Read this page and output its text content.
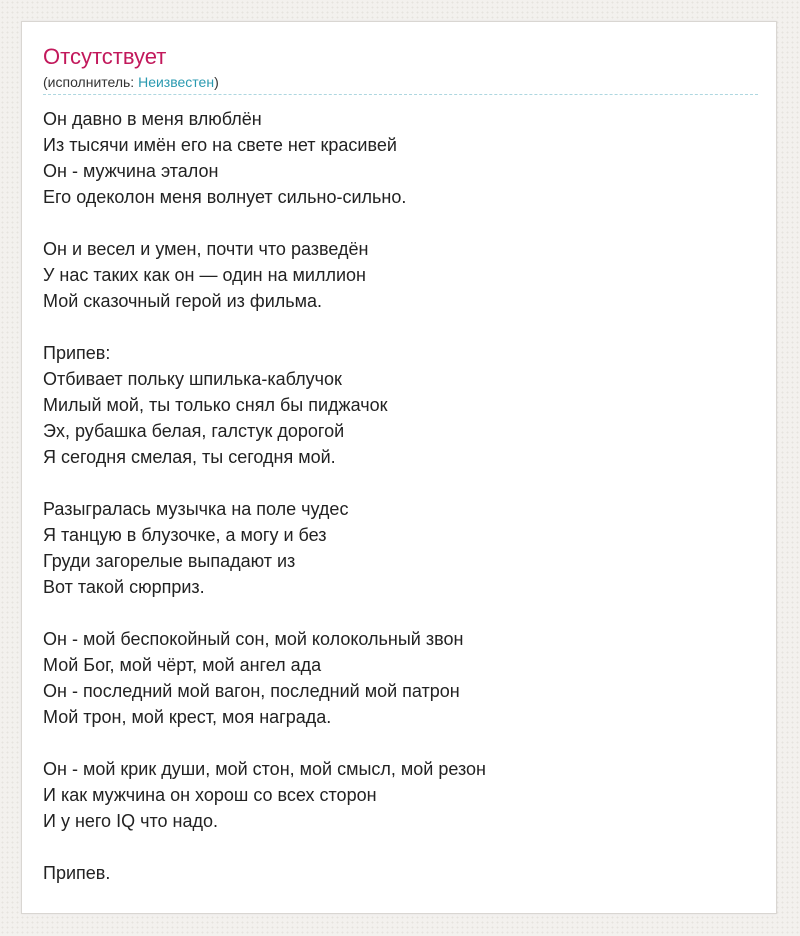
Отсутствует
(исполнитель: Неизвестен)
Он давно в меня влюблён
Из тысячи имён его на свете нет красивей
Он - мужчина эталон
Его одеколон меня волнует сильно-сильно.
Он и весел и умен, почти что разведён
У нас таких как он — один на миллион
Мой сказочный герой из фильма.
Припев:
Отбивает польку шпилька-каблучок
Милый мой, ты только снял бы пиджачок
Эх, рубашка белая, галстук дорогой
Я сегодня смелая, ты сегодня мой.
Разыгралась музычка на поле чудес
Я танцую в блузочке, а могу и без
Груди загорелые выпадают из
Вот такой сюрприз.
Он - мой беспокойный сон, мой колокольный звон
Мой Бог, мой чёрт, мой ангел ада
Он - последний мой вагон, последний мой патрон
Мой трон, мой крест, моя награда.
Он - мой крик души, мой стон, мой смысл, мой резон
И как мужчина он хорош со всех сторон
И у него IQ что надо.
Припев.
